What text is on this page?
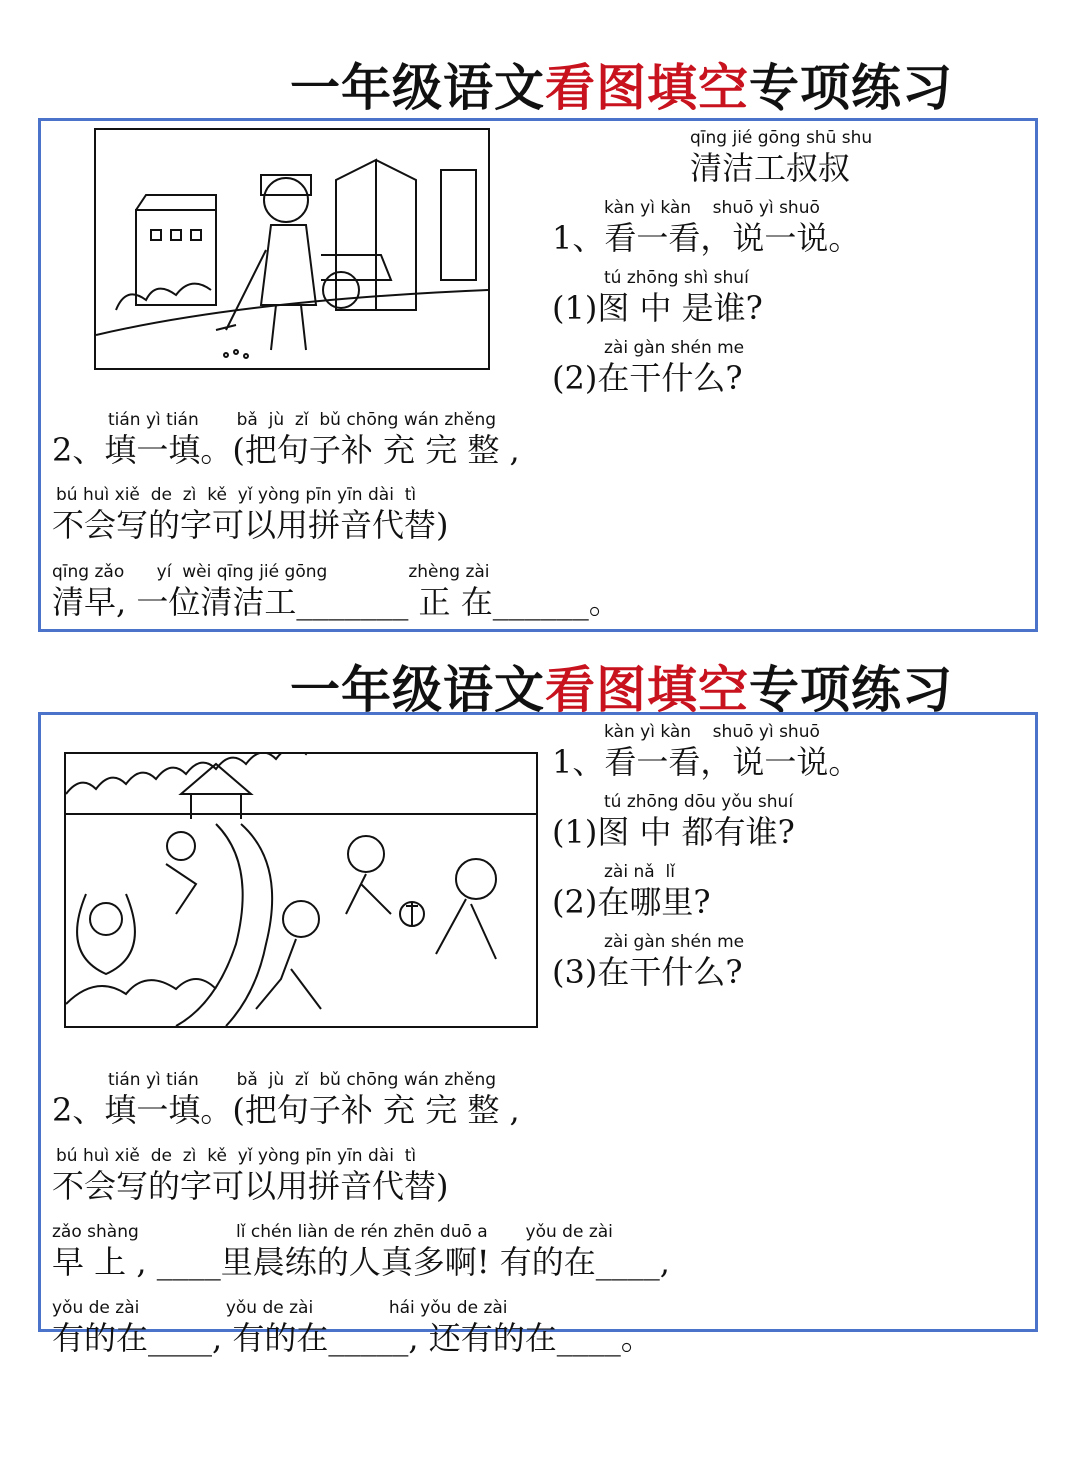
一年级语文看图填空专项练习
qīng jié gōng shū shu
清洁工叔叔
kàn yì kàn    shuō yì shuō
1、看一看，说一说。
tú zhōng shì shuí
(1)图 中 是谁?
zài gàn shén me
(2)在干什么?
tián yì tián       bǎ  jù  zǐ  bǔ chōng wán zhěng
2、填一填。(把句子补 充 完 整 ,
bú huì xiě  de  zì  kě  yǐ yòng pīn yīn dài  tì
不会写的字可以用拼音代替)
qīng zǎo      yí  wèi qīng jié gōng               zhèng zài
清早, 一位清洁工_______ 正 在______。
一年级语文看图填空专项练习
kàn yì kàn    shuō yì shuō
1、看一看，说一说。
tú zhōng dōu yǒu shuí
(1)图 中 都有谁?
zài nǎ  lǐ
(2)在哪里?
zài gàn shén me
(3)在干什么?
tián yì tián       bǎ  jù  zǐ  bǔ chōng wán zhěng
2、填一填。(把句子补 充 完 整 ,
bú huì xiě  de  zì  kě  yǐ yòng pīn yīn dài  tì
不会写的字可以用拼音代替)
zǎo shàng                  lǐ chén liàn de rén zhēn duō a       yǒu de zài
早 上 , ____里晨练的人真多啊! 有的在____,
yǒu de zài                yǒu de zài              hái yǒu de zài
有的在____, 有的在_____, 还有的在____。
